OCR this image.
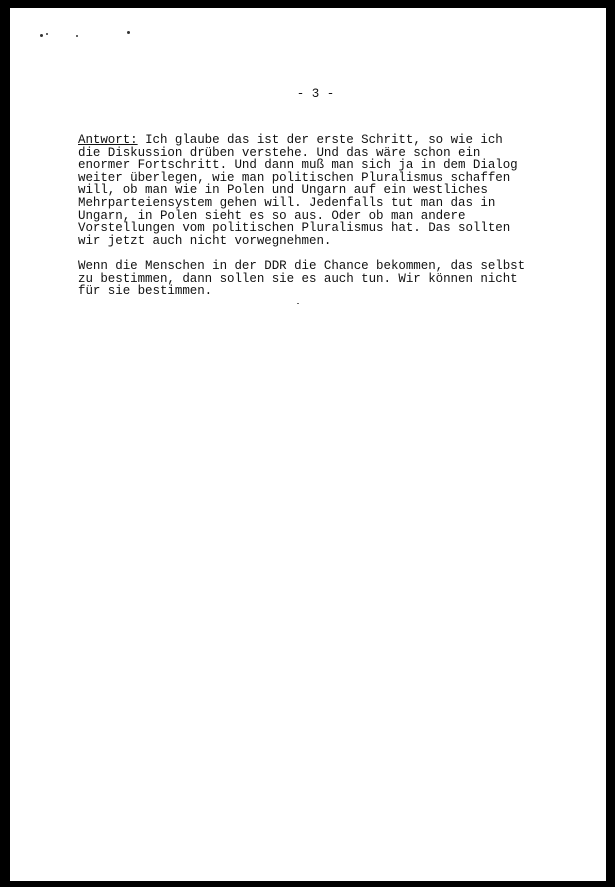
- 3 -
Antwort: Ich glaube das ist der erste Schritt, so wie ich
die Diskussion drüben verstehe. Und das wäre schon ein
enormer Fortschritt. Und dann muß man sich ja in dem Dialog
weiter überlegen, wie man politischen Pluralismus schaffen
will, ob man wie in Polen und Ungarn auf ein westliches
Mehrparteiensystem gehen will. Jedenfalls tut man das in
Ungarn, in Polen sieht es so aus. Oder ob man andere
Vorstellungen vom politischen Pluralismus hat. Das sollten
wir jetzt auch nicht vorwegnehmen.
Wenn die Menschen in der DDR die Chance bekommen, das selbst
zu bestimmen, dann sollen sie es auch tun. Wir können nicht
für sie bestimmen.
